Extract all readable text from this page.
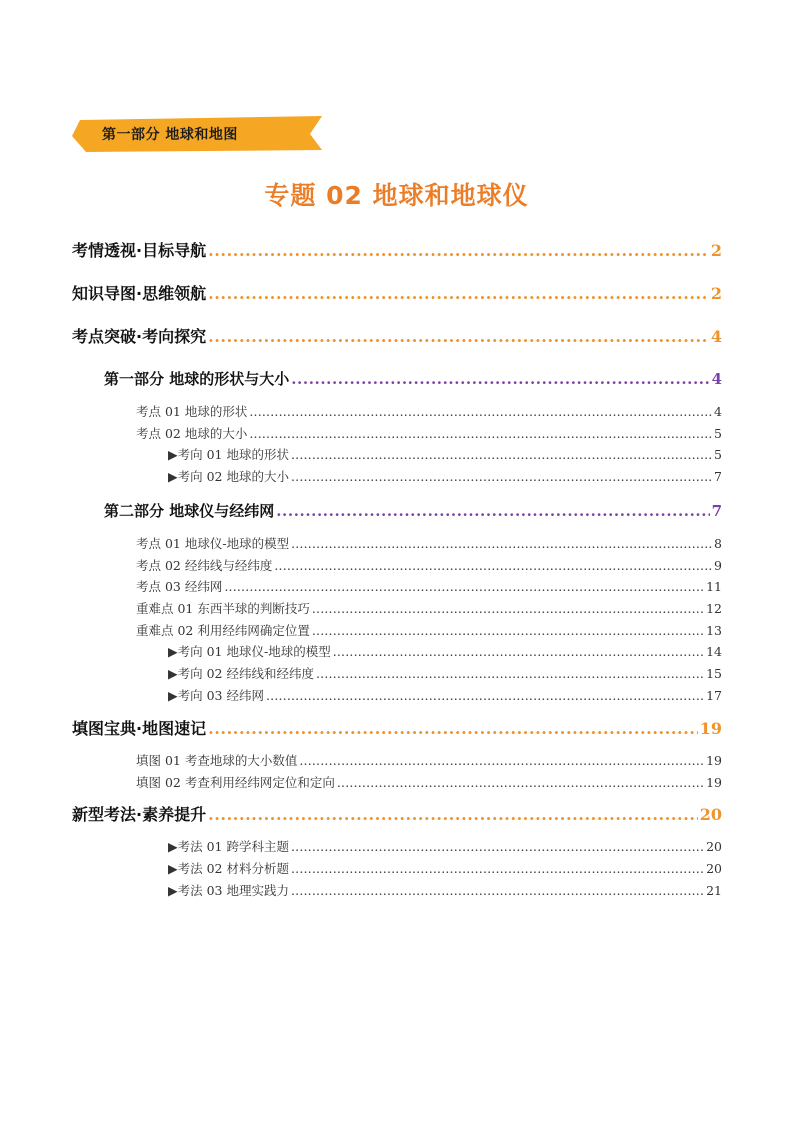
第一部分 地球和地图
专题 02 地球和地球仪
考情透视·目标导航 .....	2
知识导图·思维领航 .....	2
考点突破·考向探究 .....	4
第一部分 地球的形状与大小 .....	4
考点 01 地球的形状 .....	4
考点 02 地球的大小 .....	5
▶考向 01 地球的形状 .....	5
▶考向 02 地球的大小 .....	7
第二部分 地球仪与经纬网 .....	7
考点 01 地球仪-地球的模型 .....	8
考点 02 经纬线与经纬度 .....	9
考点 03 经纬网 .....	11
重难点 01 东西半球的判断技巧 .....	12
重难点 02 利用经纬网确定位置 .....	13
▶考向 01 地球仪-地球的模型 .....	14
▶考向 02 经纬线和经纬度 .....	15
▶考向 03 经纬网 .....	17
填图宝典·地图速记 .....	19
填图 01 考查地球的大小数值 .....	19
填图 02 考查利用经纬网定位和定向 .....	19
新型考法·素养提升 .....	20
▶考法 01 跨学科主题 .....	20
▶考法 02 材料分析题 .....	20
▶考法 03 地理实践力 .....	21
